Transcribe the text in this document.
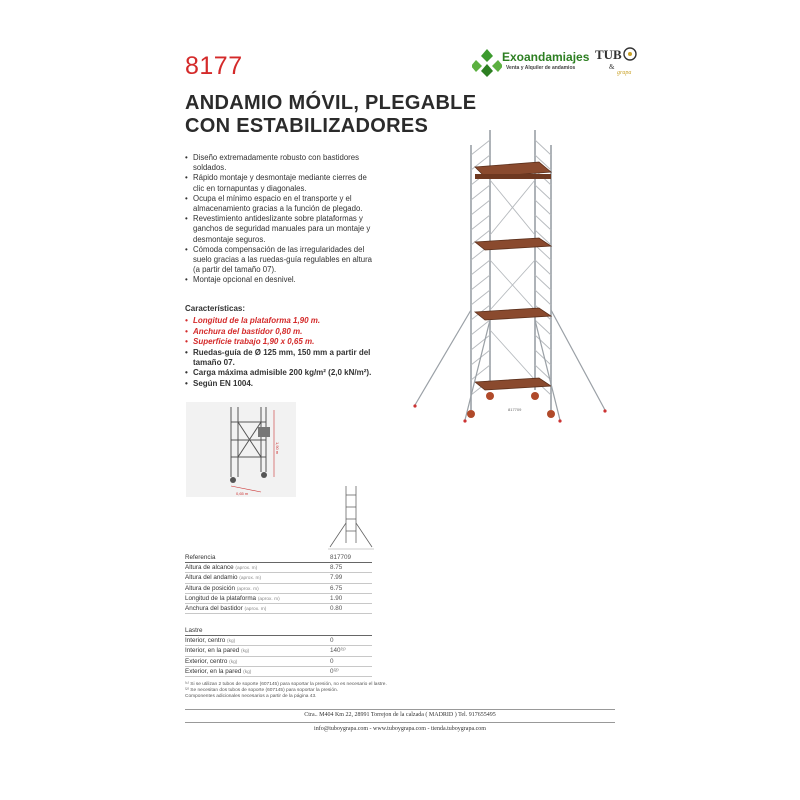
8177	Exoandamiajes
Venta y Alquiler de andamios
TUB
&
grapa
ANDAMIO MÓVIL, PLEGABLE
CON ESTABILIZADORES
• Diseño extremadamente robusto con bastidores soldados.
• Rápido montaje y desmontaje mediante cierres de clic en tornapuntas y diagonales.
• Ocupa el mínimo espacio en el transporte y el almacenamiento gracias a la función de plegado.
• Revestimiento antideslizante sobre plataformas y ganchos de seguridad manuales para un montaje y desmontaje seguros.
• Cómoda compensación de las irregularidades del suelo gracias a las ruedas-guía regulables en altura (a partir del tamaño 07).
• Montaje opcional en desnivel.
Características:
• Longitud de la plataforma 1,90 m.
• Anchura del bastidor 0,80 m.
• Superficie trabajo 1,90 x 0,65 m.
• Ruedas-guía de Ø 125 mm, 150 mm a partir del tamaño 07.
• Carga máxima admisible 200 kg/m² (2,0 kN/m²).
• Según EN 1004.
817709
1,90 m
0,65 m
Referencia	817709
Altura de alcance (aprox. m)	8.75
Altura del andamio (aprox. m)	7.99
Altura de posición (aprox. m)	6.75
Longitud de la plataforma (aprox. m)	1.90
Anchura del bastidor (aprox. m)	0.80
Lastre
Interior, centro (kg)	0
Interior, en la pared (kg)	140⁽¹⁾
Exterior, centro (kg)	0
Exterior, en la pared (kg)	0⁽²⁾
⁽¹⁾ Si se utilizan 2 tubos de soporte (607145) para soportar la presión, no es necesario el lastre.
⁽²⁾ Se necesitan dos tubos de soporte (607145) para soportar la presión.
Componentes adicionales necesarios a partir de la página 43.
Ctra.. M404 Km 22, 28991 Torrejon de la calzada ( MADRID ) Tel. 917655495
info@tuboygrapa.com - www.tuboygrapa.com - tienda.tuboygrapa.com
